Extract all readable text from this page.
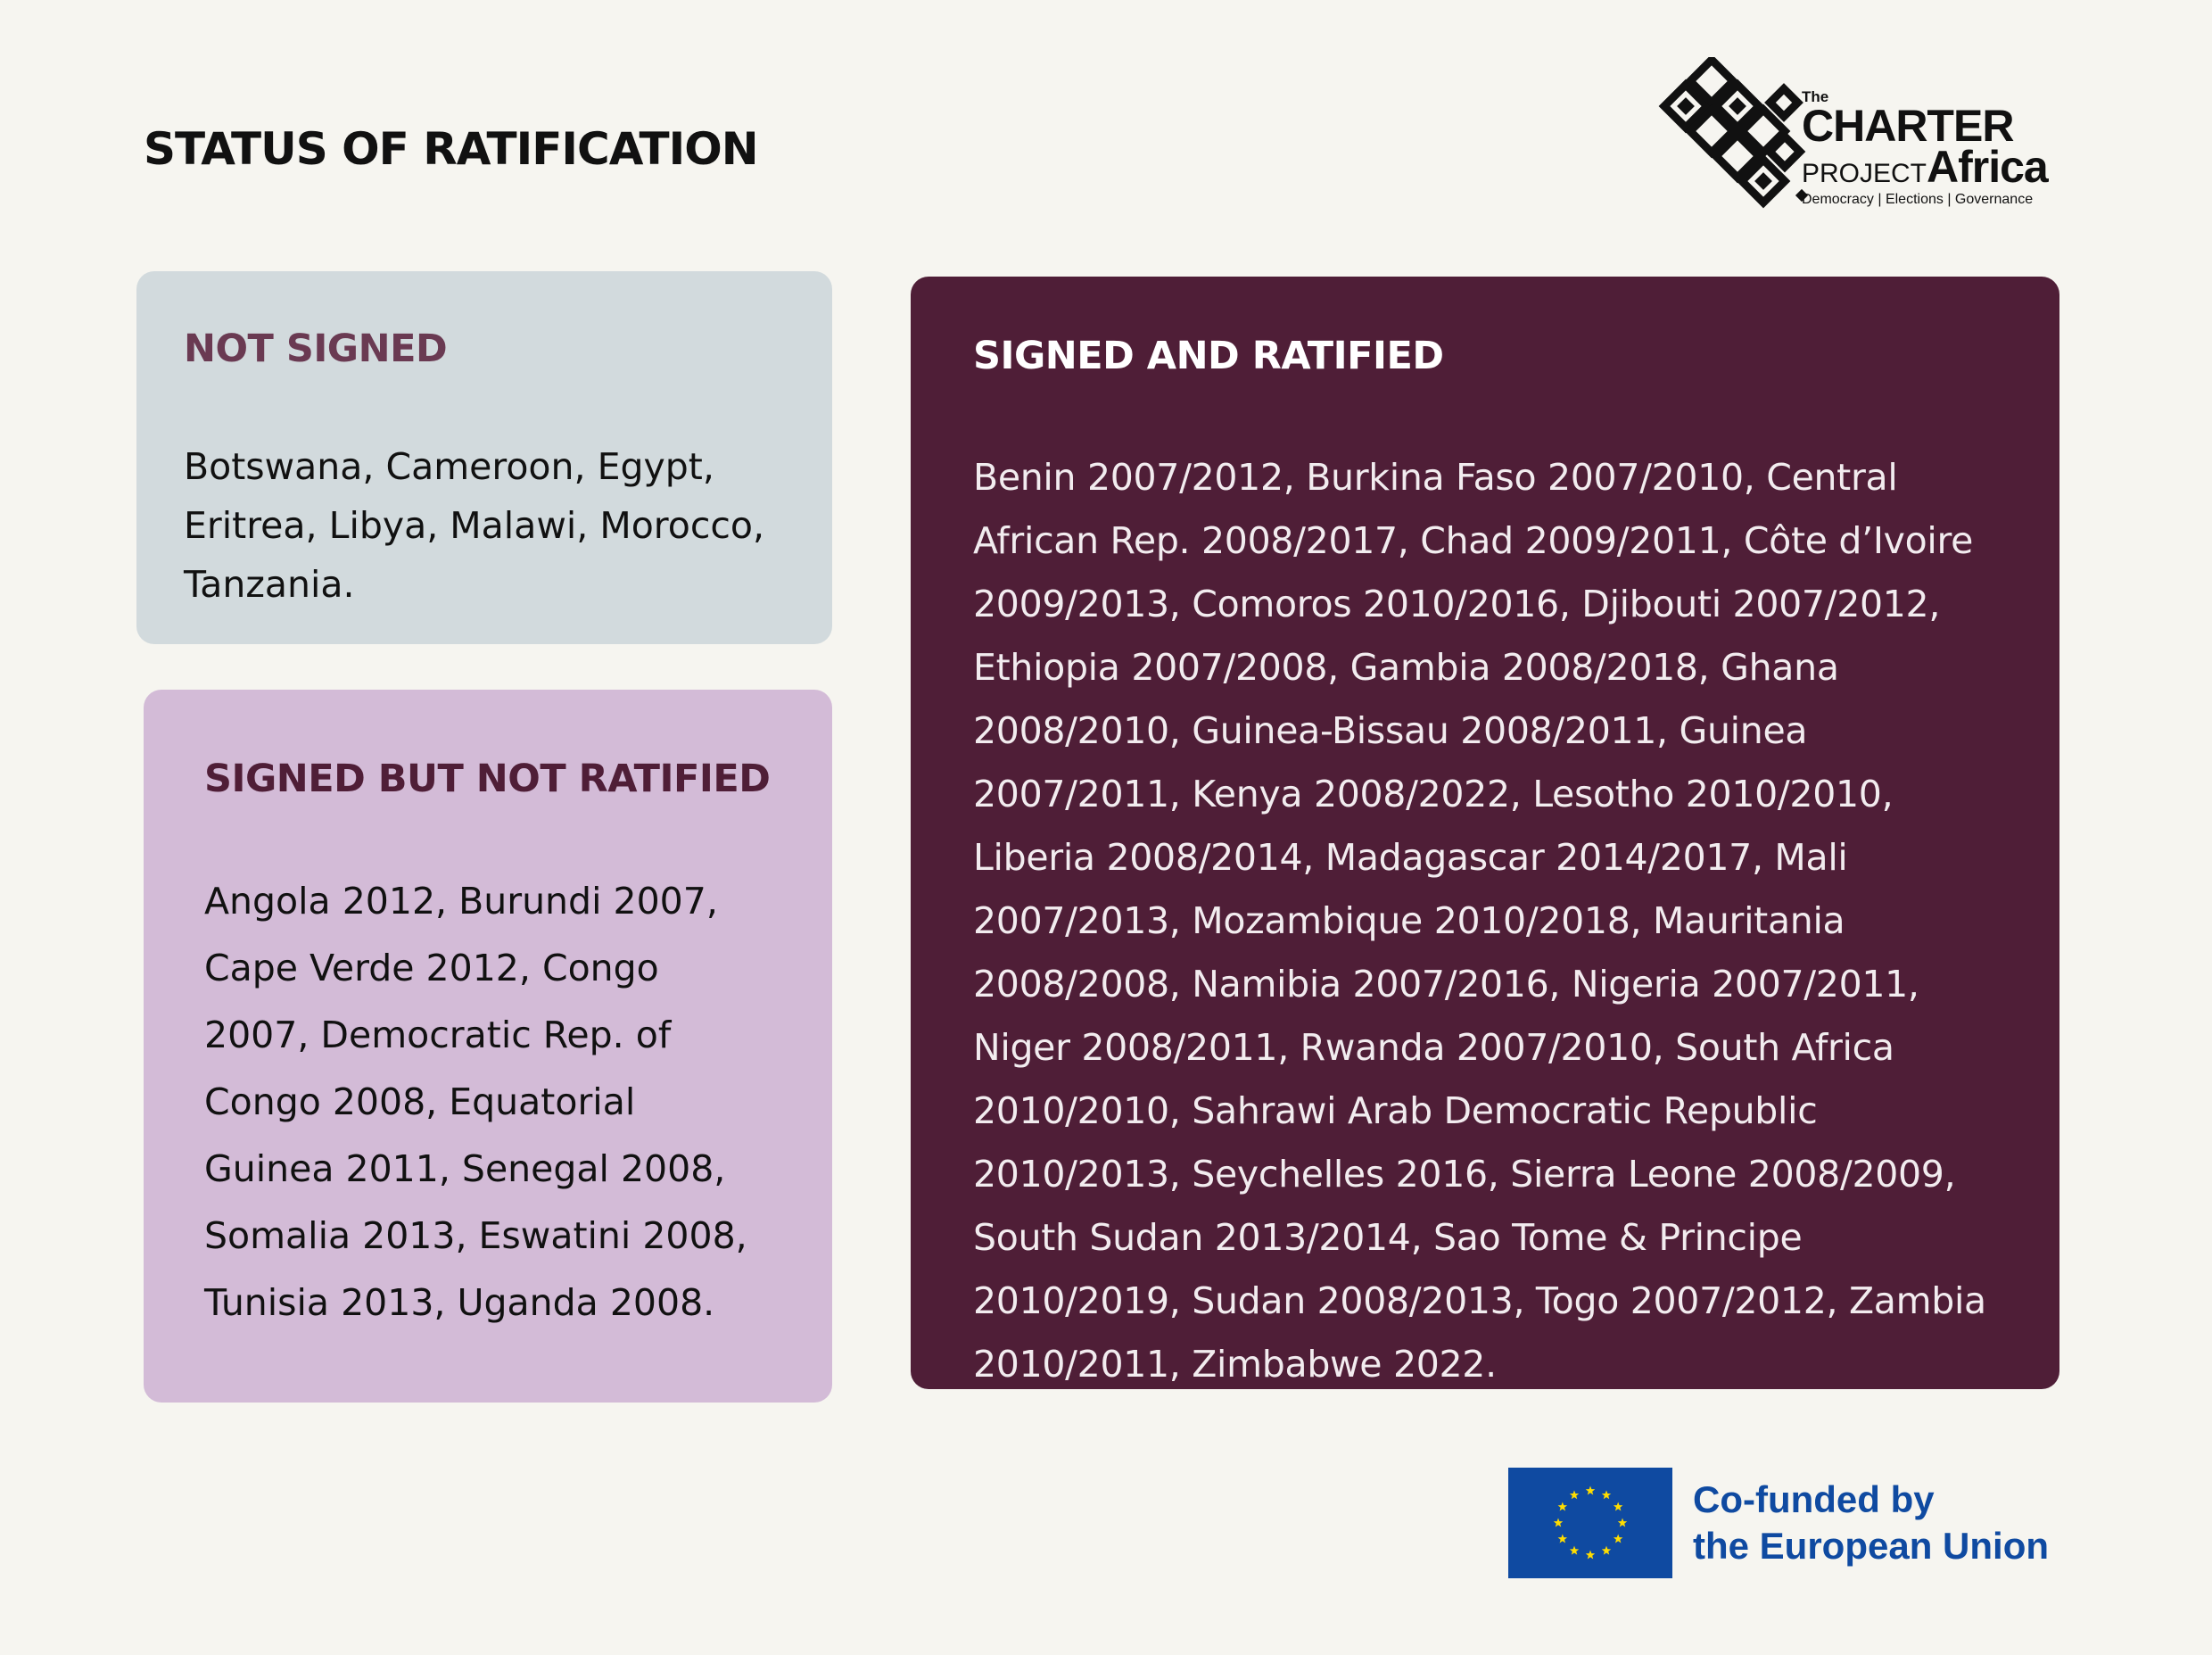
STATUS OF RATIFICATION
The
CHARTER
PROJECT Africa
Democracy | Elections | Governance
NOT SIGNED
Botswana, Cameroon, Egypt, Eritrea, Libya, Malawi, Morocco, Tanzania.
SIGNED BUT NOT RATIFIED
Angola 2012, Burundi 2007, Cape Verde 2012, Congo 2007, Democratic Rep. of Congo 2008, Equatorial Guinea 2011, Senegal 2008, Somalia 2013, Eswatini 2008, Tunisia 2013, Uganda 2008.
SIGNED AND RATIFIED
Benin 2007/2012, Burkina Faso 2007/2010, Central African Rep. 2008/2017, Chad 2009/2011, Côte d’Ivoire 2009/2013, Comoros 2010/2016, Djibouti 2007/2012, Ethiopia 2007/2008, Gambia 2008/2018, Ghana 2008/2010, Guinea-Bissau 2008/2011, Guinea 2007/2011, Kenya 2008/2022, Lesotho 2010/2010, Liberia 2008/2014, Madagascar 2014/2017, Mali 2007/2013, Mozambique 2010/2018, Mauritania 2008/2008, Namibia 2007/2016, Nigeria 2007/2011, Niger 2008/2011, Rwanda 2007/2010, South Africa 2010/2010, Sahrawi Arab Democratic Republic 2010/2013, Seychelles 2016, Sierra Leone 2008/2009, South Sudan 2013/2014, Sao Tome & Principe 2010/2019, Sudan 2008/2013, Togo 2007/2012, Zambia 2010/2011, Zimbabwe 2022.
Co-funded by
the European Union
